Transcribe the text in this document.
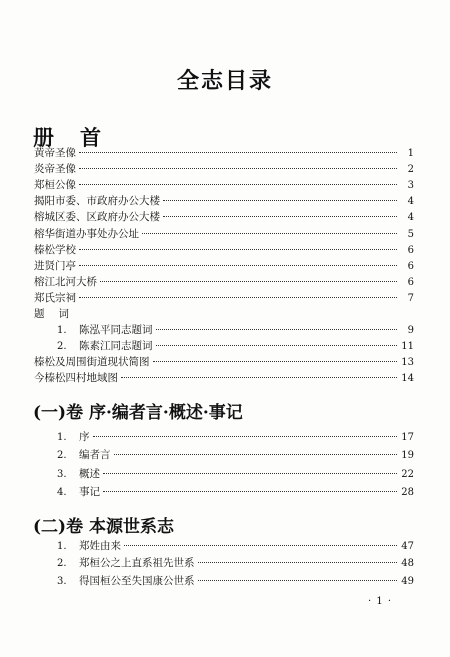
全志目录
册首
黄帝圣像	1
炎帝圣像	2
郑桓公像	3
揭阳市委、市政府办公大楼	4
榕城区委、区政府办公大楼	4
榕华街道办事处办公址	5
榛松学校	6
进贤门亭	6
榕江北河大桥	6
郑氏宗祠	7
题词
1.	陈泓平同志题词	9
2.	陈素江同志题词	11
榛松及周围街道现状简图	13
今榛松四村地域图	14
(一)卷 序·编者言·概述·事记
1.	序	17
2.	编者言	19
3.	概述	22
4.	事记	28
(二)卷 本源世系志
1.	郑姓由来	47
2.	郑桓公之上直系祖先世系	48
3.	得国桓公至失国康公世系	49
· 1 ·
